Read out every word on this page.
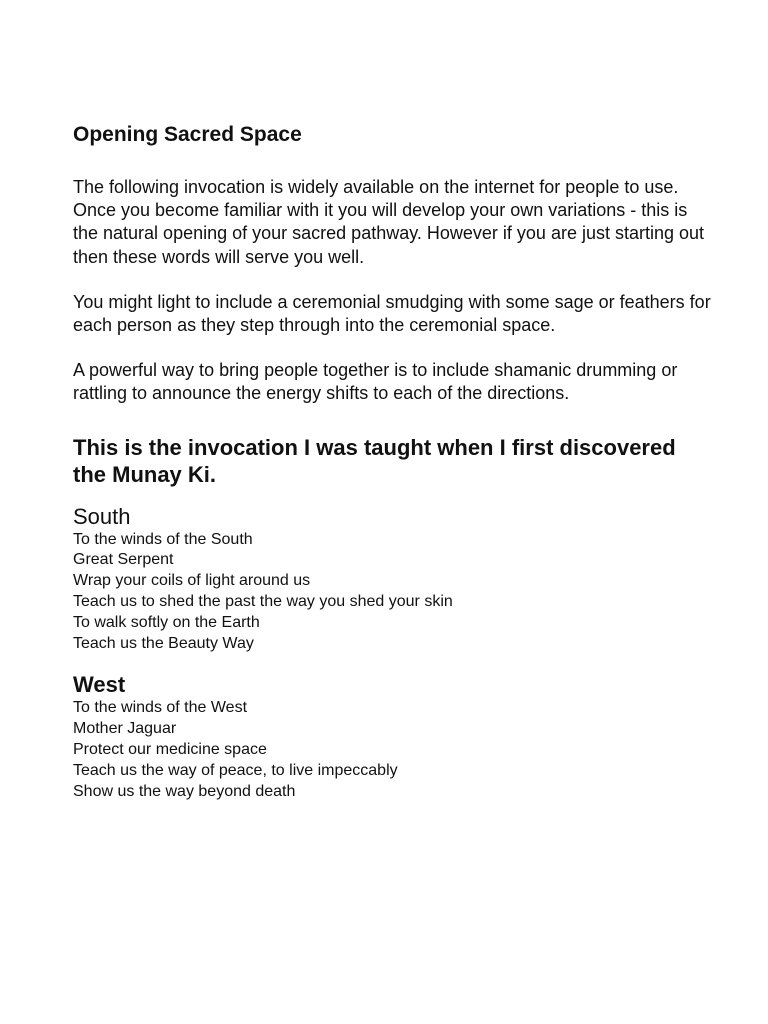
Opening Sacred Space

The following invocation is widely available on the internet for people to use. Once you become familiar with it you will develop your own variations - this is the natural opening of your sacred pathway. However if you are just starting out then these words will serve you well.

You might light to include a ceremonial smudging with some sage or feathers for each person as they step through into the ceremonial space.

A powerful way to bring people together is to include shamanic drumming or rattling to announce the energy shifts to each of the directions.

This is the invocation I was taught when I first discovered the Munay Ki.
South
To the winds of the South
Great Serpent
Wrap your coils of light around us
Teach us to shed the past the way you shed your skin
To walk softly on the Earth
Teach us the Beauty Way
West
To the winds of the West
Mother Jaguar
Protect our medicine space
Teach us the way of peace, to live impeccably
Show us the way beyond death
